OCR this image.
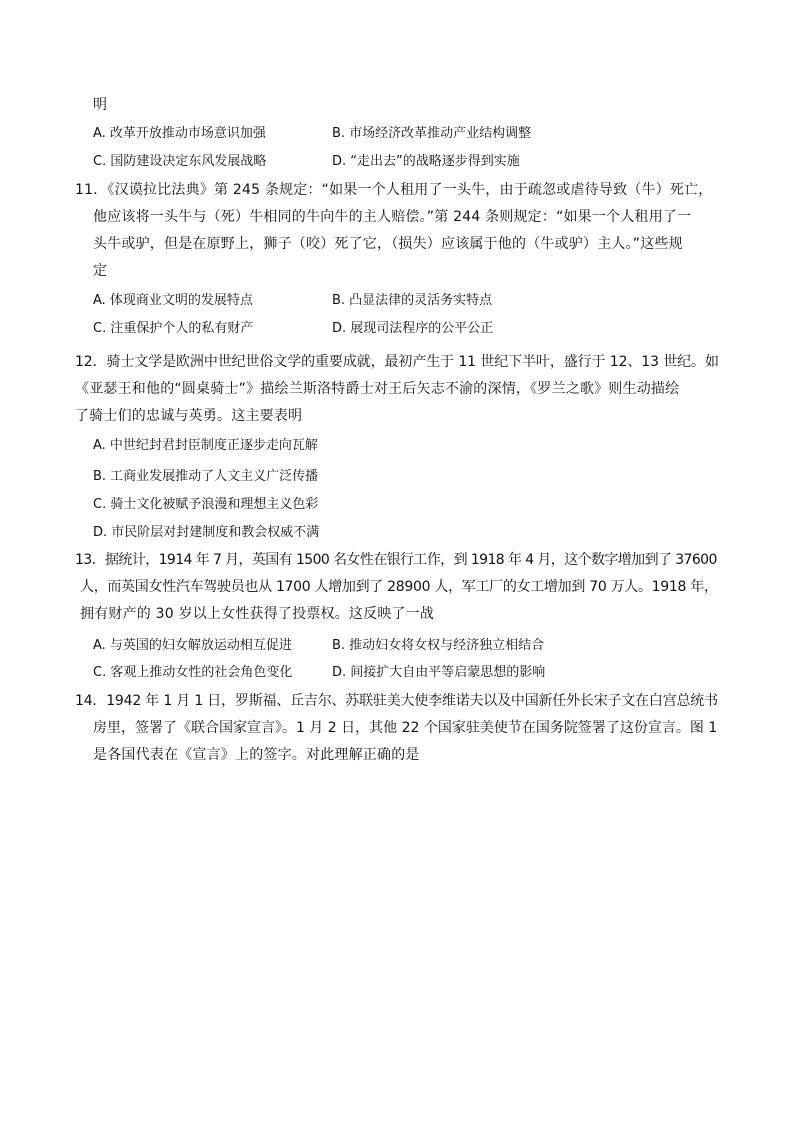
明
A. 改革开放推动市场意识加强	B. 市场经济改革推动产业结构调整
C. 国防建设决定东风发展战略	D. “走出去”的战略逐步得到实施
11．《汉谟拉比法典》第 245 条规定：“如果一个人租用了一头牛，由于疏忽或虐待导致（牛）死亡，
他应该将一头牛与（死）牛相同的牛向牛的主人赔偿。”第 244 条则规定：“如果一个人租用了一
头牛或驴，但是在原野上，狮子（咬）死了它，（损失）应该属于他的（牛或驴）主人。”这些规
定
A. 体现商业文明的发展特点	B. 凸显法律的灵活务实特点
C. 注重保护个人的私有财产	D. 展现司法程序的公平公正
12．骑士文学是欧洲中世纪世俗文学的重要成就，最初产生于 11 世纪下半叶，盛行于 12、13 世纪。如
《亚瑟王和他的“圆桌骑士”》描绘兰斯洛特爵士对王后矢志不渝的深情，《罗兰之歌》则生动描绘
了骑士们的忠诚与英勇。这主要表明
A. 中世纪封君封臣制度正逐步走向瓦解
B. 工商业发展推动了人文主义广泛传播
C. 骑士文化被赋予浪漫和理想主义色彩
D. 市民阶层对封建制度和教会权威不满
13．据统计，1914 年 7 月，英国有 1500 名女性在银行工作，到 1918 年 4 月，这个数字增加到了 37600
人，而英国女性汽车驾驶员也从 1700 人增加到了 28900 人，军工厂的女工增加到 70 万人。1918 年，
拥有财产的 30 岁以上女性获得了投票权。这反映了一战
A. 与英国的妇女解放运动相互促进	B. 推动妇女将女权与经济独立相结合
C. 客观上推动女性的社会角色变化	D. 间接扩大自由平等启蒙思想的影响
14．1942 年 1 月 1 日，罗斯福、丘吉尔、苏联驻美大使李维诺夫以及中国新任外长宋子文在白宫总统书
房里，签署了《联合国家宣言》。1 月 2 日，其他 22 个国家驻美使节在国务院签署了这份宣言。图 1
是各国代表在《宣言》上的签字。对此理解正确的是
